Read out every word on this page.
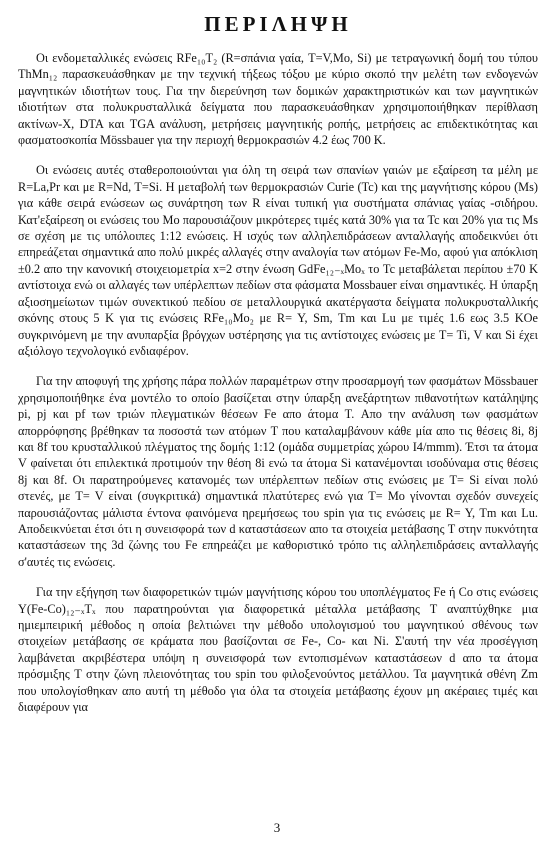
ΠΕΡΙΛΗΨΗ

Οι ενδομεταλλικές ενώσεις RFe₁₀T₂ (R=σπάνια γαία, T=V,Mo, Si) με τετραγωνική δομή του τύπου ThMn₁₂ παρασκευάσθηκαν με την τεχνική τήξεως τόξου με κύριο σκοπό την μελέτη των ενδογενών μαγνητικών ιδιοτήτων τους. Για την διερεύνηση των δομικών χαρακτηριστικών και των μαγνητικών ιδιοτήτων στα πολυκρυσταλλικά δείγματα που παρασκευάσθηκαν χρησιμοποιήθηκαν περίθλαση ακτίνων-X, DTA και TGA ανάλυση, μετρήσεις μαγνητικής ροπής, μετρήσεις ac επιδεκτικότητας και φασματοσκοπία Mössbauer για την περιοχή θερμοκρασιών 4.2 έως 700 K.

Οι ενώσεις αυτές σταθεροποιούνται για όλη τη σειρά των σπανίων γαιών με εξαίρεση τα μέλη με R=La,Pr και με R=Nd, T=Si. Η μεταβολή των θερμοκρασιών Curie (Tc) και της μαγνήτισης κόρου (Ms) για κάθε σειρά ενώσεων ως συνάρτηση των R είναι τυπική για συστήματα σπάνιας γαίας -σιδήρου. Κατ'εξαίρεση οι ενώσεις του Mo παρουσιάζουν μικρότερες τιμές κατά 30% για τα Tc και 20% για τις Ms σε σχέση με τις υπόλοιπες 1:12 ενώσεις. Η ισχύς των αλληλεπιδράσεων ανταλλαγής αποδεικνύει ότι επηρεάζεται σημαντικά απο πολύ μικρές αλλαγές στην αναλογία των ατόμων Fe-Mo, αφού για απόκλιση ±0.2 απο την κανονική στοιχειομετρία x=2 στην ένωση GdFe₁₂₋ₓMoₓ το Tc μεταβάλεται περίπου ±70 K αντίστοιχα ενώ οι αλλαγές των υπέρλεπτων πεδίων στα φάσματα Mossbauer είναι σημαντικές. Η ύπαρξη αξιοσημείωτων τιμών συνεκτικού πεδίου σε μεταλλουργικά ακατέργαστα δείγματα πολυκρυσταλλικής σκόνης στους 5 K για τις ενώσεις RFe₁₀Mo₂ με R= Y, Sm, Tm και Lu με τιμές 1.6 εως 3.5 KOe συγκρινόμενη με την ανυπαρξία βρόγχων υστέρησης για τις αντίστοιχες ενώσεις με T= Ti, V και Si έχει αξιόλογο τεχνολογικό ενδιαφέρον.

Για την αποφυγή της χρήσης πάρα πολλών παραμέτρων στην προσαρμογή των φασμάτων Mössbauer χρησιμοποιήθηκε ένα μοντέλο το οποίο βασίζεται στην ύπαρξη ανεξάρτητων πιθανοτήτων κατάληψης pi, pj και pf των τριών πλεγματικών θέσεων Fe απο άτομα T. Απο την ανάλυση των φασμάτων απορρόφησης βρέθηκαν τα ποσοστά των ατόμων T που καταλαμβάνουν κάθε μία απο τις θέσεις 8i, 8j και 8f του κρυσταλλικού πλέγματος της δομής 1:12 (ομάδα συμμετρίας χώρου I4/mmm). Έτσι τα άτομα V φαίνεται ότι επιλεκτικά προτιμούν την θέση 8i ενώ τα άτομα Si κατανέμονται ισοδύναμα στις θέσεις 8j και 8f. Οι παρατηρούμενες κατανομές των υπέρλεπτων πεδίων στις ενώσεις με T= Si είναι πολύ στενές, με T= V είναι (συγκριτικά) σημαντικά πλατύτερες ενώ για T= Mo γίνονται σχεδόν συνεχείς παρουσιάζοντας μάλιστα έντονα φαινόμενα ηρεμήσεως του spin για τις ενώσεις με R= Y, Tm και Lu. Αποδεικνύεται έτσι ότι η συνεισφορά των d καταστάσεων απο τα στοιχεία μετάβασης T στην πυκνότητα καταστάσεων της 3d ζώνης του Fe επηρεάζει με καθοριστικό τρόπο τις αλληλεπιδράσεις ανταλλαγής σ'αυτές τις ενώσεις.

Για την εξήγηση των διαφορετικών τιμών μαγνήτισης κόρου του υποπλέγματος Fe ή Co στις ενώσεις Y(Fe-Co)₁₂₋ₓTₓ που παρατηρούνται για διαφορετικά μέταλλα μετάβασης T αναπτύχθηκε μια ημιεμπειρική μέθοδος η οποία βελτιώνει την μέθοδο υπολογισμού του μαγνητικού σθένους των στοιχείων μετάβασης σε κράματα που βασίζονται σε Fe-, Co- και Ni. Σ'αυτή την νέα προσέγγιση λαμβάνεται ακριβέστερα υπόψη η συνεισφορά των εντοπισμένων καταστάσεων d απο τα άτομα πρόσμιξης T στην ζώνη πλειονότητας του spin του φιλοξενούντος μετάλλου. Τα μαγνητικά σθένη Zm που υπολογίσθηκαν απο αυτή τη μέθοδο για όλα τα στοιχεία μετάβασης έχουν μη ακέραιες τιμές και διαφέρουν για

3
